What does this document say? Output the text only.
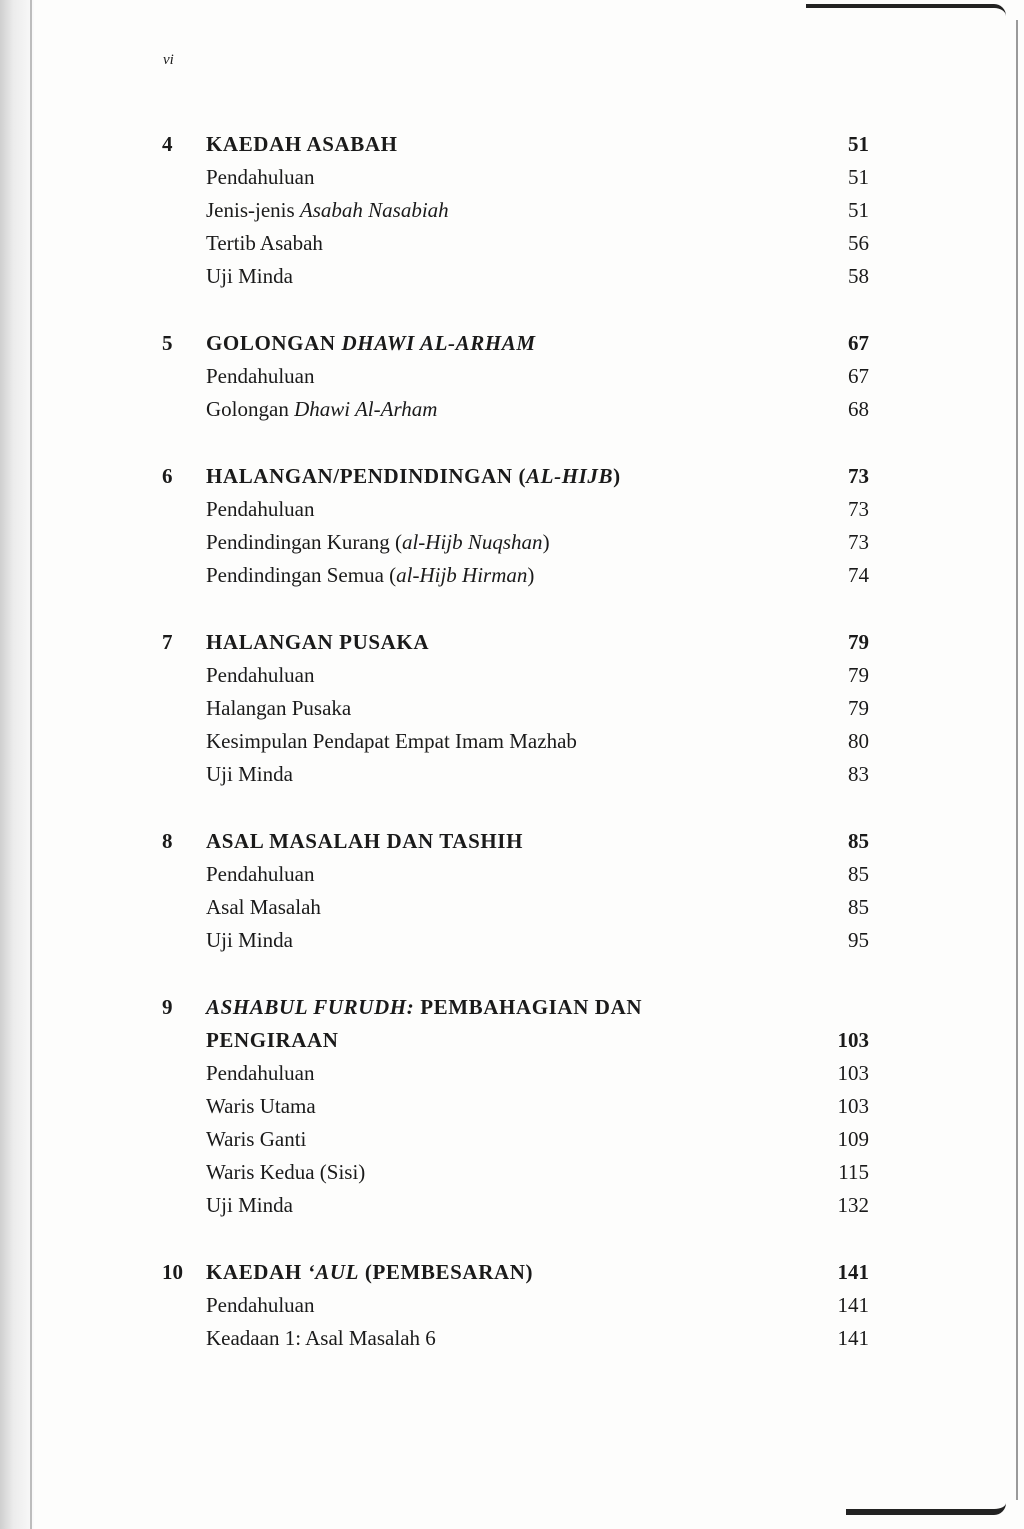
vi
4 KAEDAH ASABAH	51
Pendahuluan	51
Jenis-jenis Asabah Nasabiah	51
Tertib Asabah	56
Uji Minda	58
5 GOLONGAN DHAWI AL-ARHAM	67
Pendahuluan	67
Golongan Dhawi Al-Arham	68
6 HALANGAN/PENDINDINGAN (AL-HIJB)	73
Pendahuluan	73
Pendindingan Kurang (al-Hijb Nuqshan)	73
Pendindingan Semua (al-Hijb Hirman)	74
7 HALANGAN PUSAKA	79
Pendahuluan	79
Halangan Pusaka	79
Kesimpulan Pendapat Empat Imam Mazhab	80
Uji Minda	83
8 ASAL MASALAH DAN TASHIH	85
Pendahuluan	85
Asal Masalah	85
Uji Minda	95
9 ASHABUL FURUDH: PEMBAHAGIAN DAN
PENGIRAAN	103
Pendahuluan	103
Waris Utama	103
Waris Ganti	109
Waris Kedua (Sisi)	115
Uji Minda	132
10 KAEDAH ‘AUL (PEMBESARAN)	141
Pendahuluan	141
Keadaan 1: Asal Masalah 6	141
